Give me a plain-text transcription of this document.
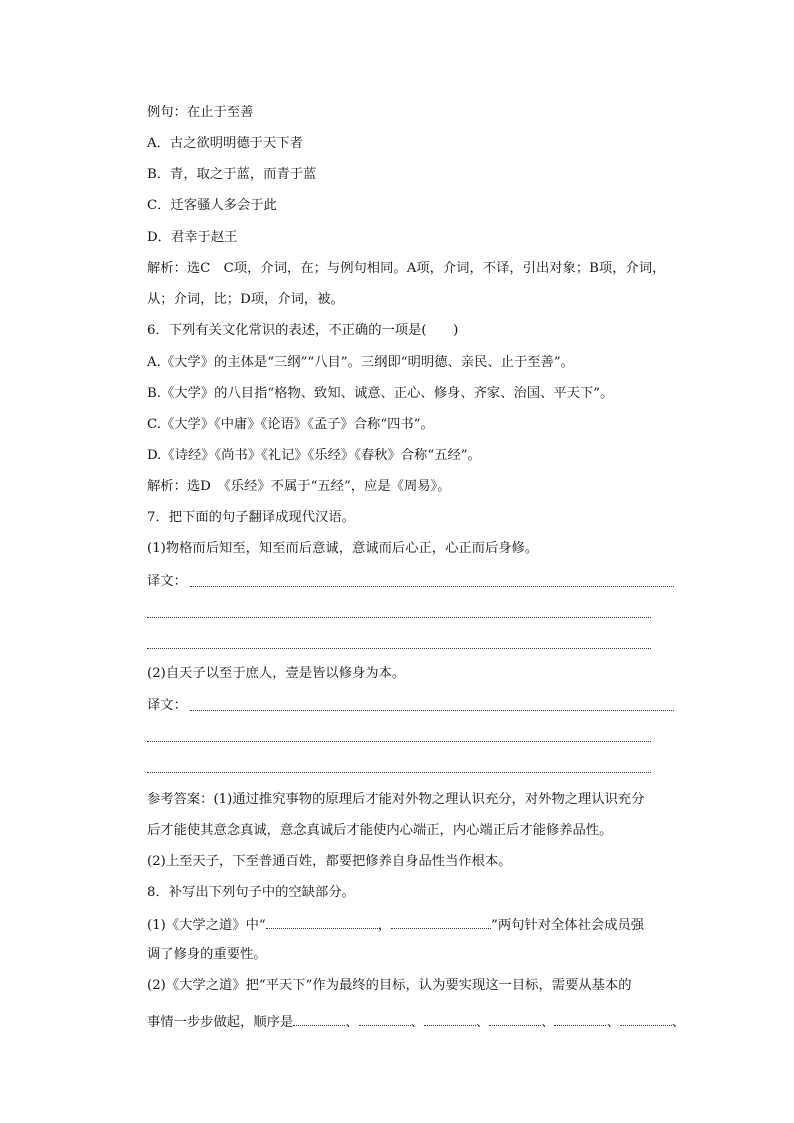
例句：在止于至善
A．古之欲明明德于天下者
B．青，取之于蓝，而青于蓝
C．迁客骚人多会于此
D．君幸于赵王
解析：选C　C项，介词，在；与例句相同。A项，介词，不译，引出对象；B项，介词，
从；介词，比；D项，介词，被。
6．下列有关文化常识的表述，不正确的一项是(　　)
A.《大学》的主体是“三纲”“八目”。三纲即“明明德、亲民、止于至善”。
B.《大学》的八目指“格物、致知、诚意、正心、修身、齐家、治国、平天下”。
C.《大学》《中庸》《论语》《孟子》合称“四书”。
D.《诗经》《尚书》《礼记》《乐经》《春秋》合称“五经”。
解析：选D　《乐经》不属于“五经”，应是《周易》。
7．把下面的句子翻译成现代汉语。
(1)物格而后知至，知至而后意诚，意诚而后心正，心正而后身修。
译文：
(2)自天子以至于庶人，壹是皆以修身为本。
译文：
参考答案：(1)通过推究事物的原理后才能对外物之理认识充分，对外物之理认识充分
后才能使其意念真诚，意念真诚后才能使内心端正，内心端正后才能修养品性。
(2)上至天子，下至普通百姓，都要把修养自身品性当作根本。
8．补写出下列句子中的空缺部分。
(1)《大学之道》中“	，	”两句针对全体社会成员强
调了修身的重要性。
(2)《大学之道》把“平天下”作为最终的目标，认为要实现这一目标，需要从基本的
事情一步步做起，顺序是	、	、	、	、	、	、
